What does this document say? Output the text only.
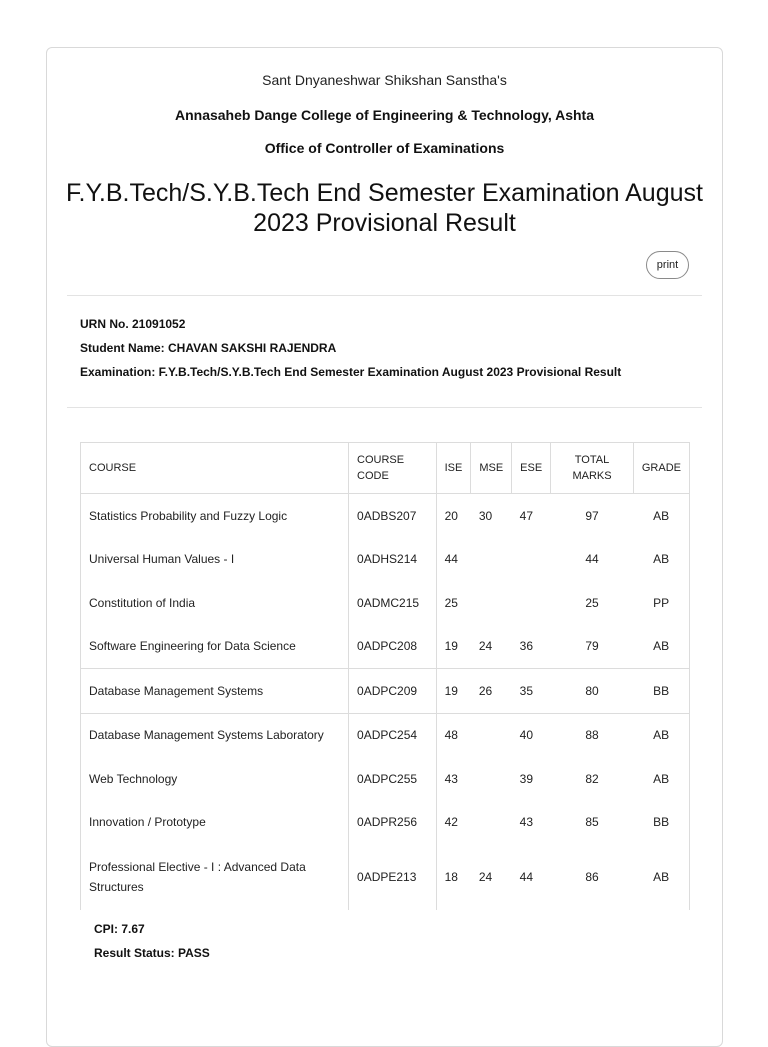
Sant Dnyaneshwar Shikshan Sanstha's
Annasaheb Dange College of Engineering & Technology, Ashta
Office of Controller of Examinations
F.Y.B.Tech/S.Y.B.Tech End Semester Examination August 2023 Provisional Result
print
URN No. 21091052
Student Name: CHAVAN SAKSHI RAJENDRA
Examination: F.Y.B.Tech/S.Y.B.Tech End Semester Examination August 2023 Provisional Result
COURSE	COURSE CODE	ISE	MSE	ESE	TOTAL MARKS	GRADE
Statistics Probability and Fuzzy Logic	0ADBS207	20	30	47	97	AB
Universal Human Values - I	0ADHS214	44			44	AB
Constitution of India	0ADMC215	25			25	PP
Software Engineering for Data Science	0ADPC208	19	24	36	79	AB
Database Management Systems	0ADPC209	19	26	35	80	BB
Database Management Systems Laboratory	0ADPC254	48		40	88	AB
Web Technology	0ADPC255	43		39	82	AB
Innovation / Prototype	0ADPR256	42		43	85	BB
Professional Elective - I : Advanced Data Structures	0ADPE213	18	24	44	86	AB
CPI: 7.67
Result Status: PASS
